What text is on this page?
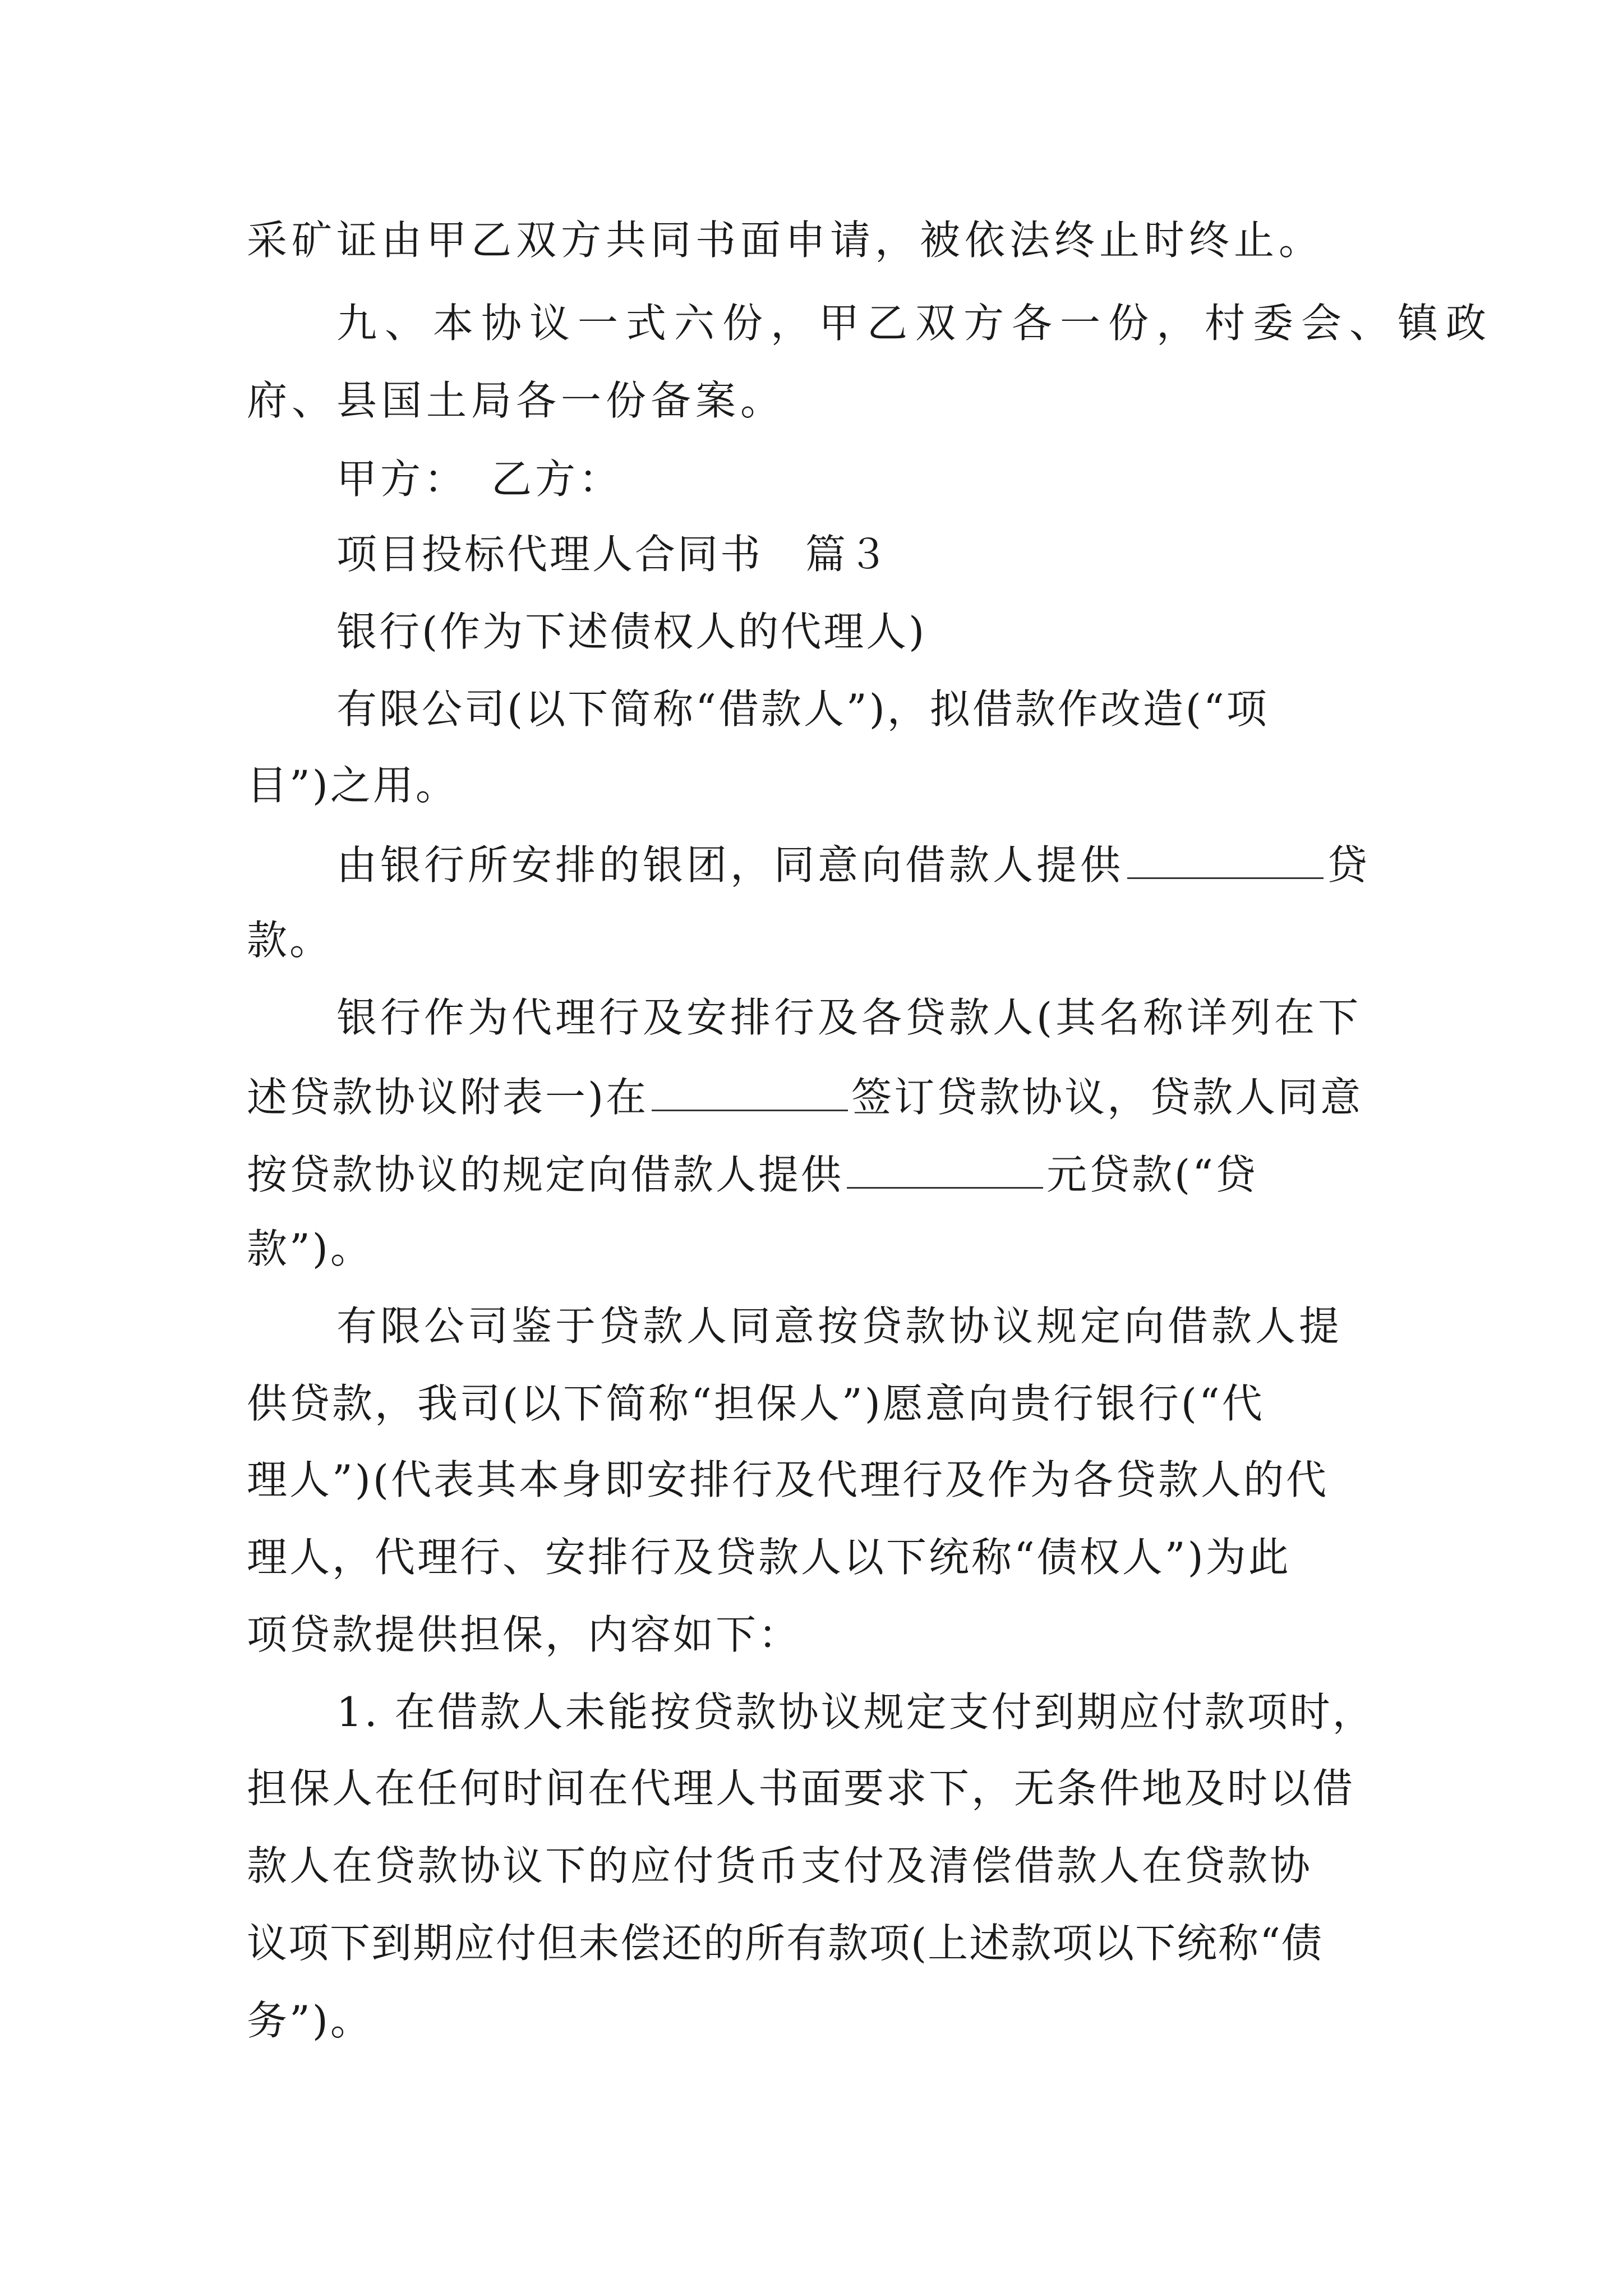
采矿证由甲乙双方共同书面申请，被依法终止时终止。
九、本协议一式六份，甲乙双方各一份，村委会、镇政
府、县国土局各一份备案。
甲方：　乙方：
项目投标代理人合同书　篇３
银行(作为下述债权人的代理人)
有限公司(以下简称“借款人”)，拟借款作改造(“项
目”)之用。
由银行所安排的银团，同意向借款人提供	贷
款。
银行作为代理行及安排行及各贷款人(其名称详列在下
述贷款协议附表一)在	签订贷款协议，贷款人同意
按贷款协议的规定向借款人提供	元贷款(“贷
款”)。
有限公司鉴于贷款人同意按贷款协议规定向借款人提
供贷款，我司(以下简称“担保人”)愿意向贵行银行(“代
理人”)(代表其本身即安排行及代理行及作为各贷款人的代
理人，代理行、安排行及贷款人以下统称“债权人”)为此
项贷款提供担保，内容如下：
1. 在借款人未能按贷款协议规定支付到期应付款项时，
担保人在任何时间在代理人书面要求下，无条件地及时以借
款人在贷款协议下的应付货币支付及清偿借款人在贷款协
议项下到期应付但未偿还的所有款项(上述款项以下统称“债
务”)。
